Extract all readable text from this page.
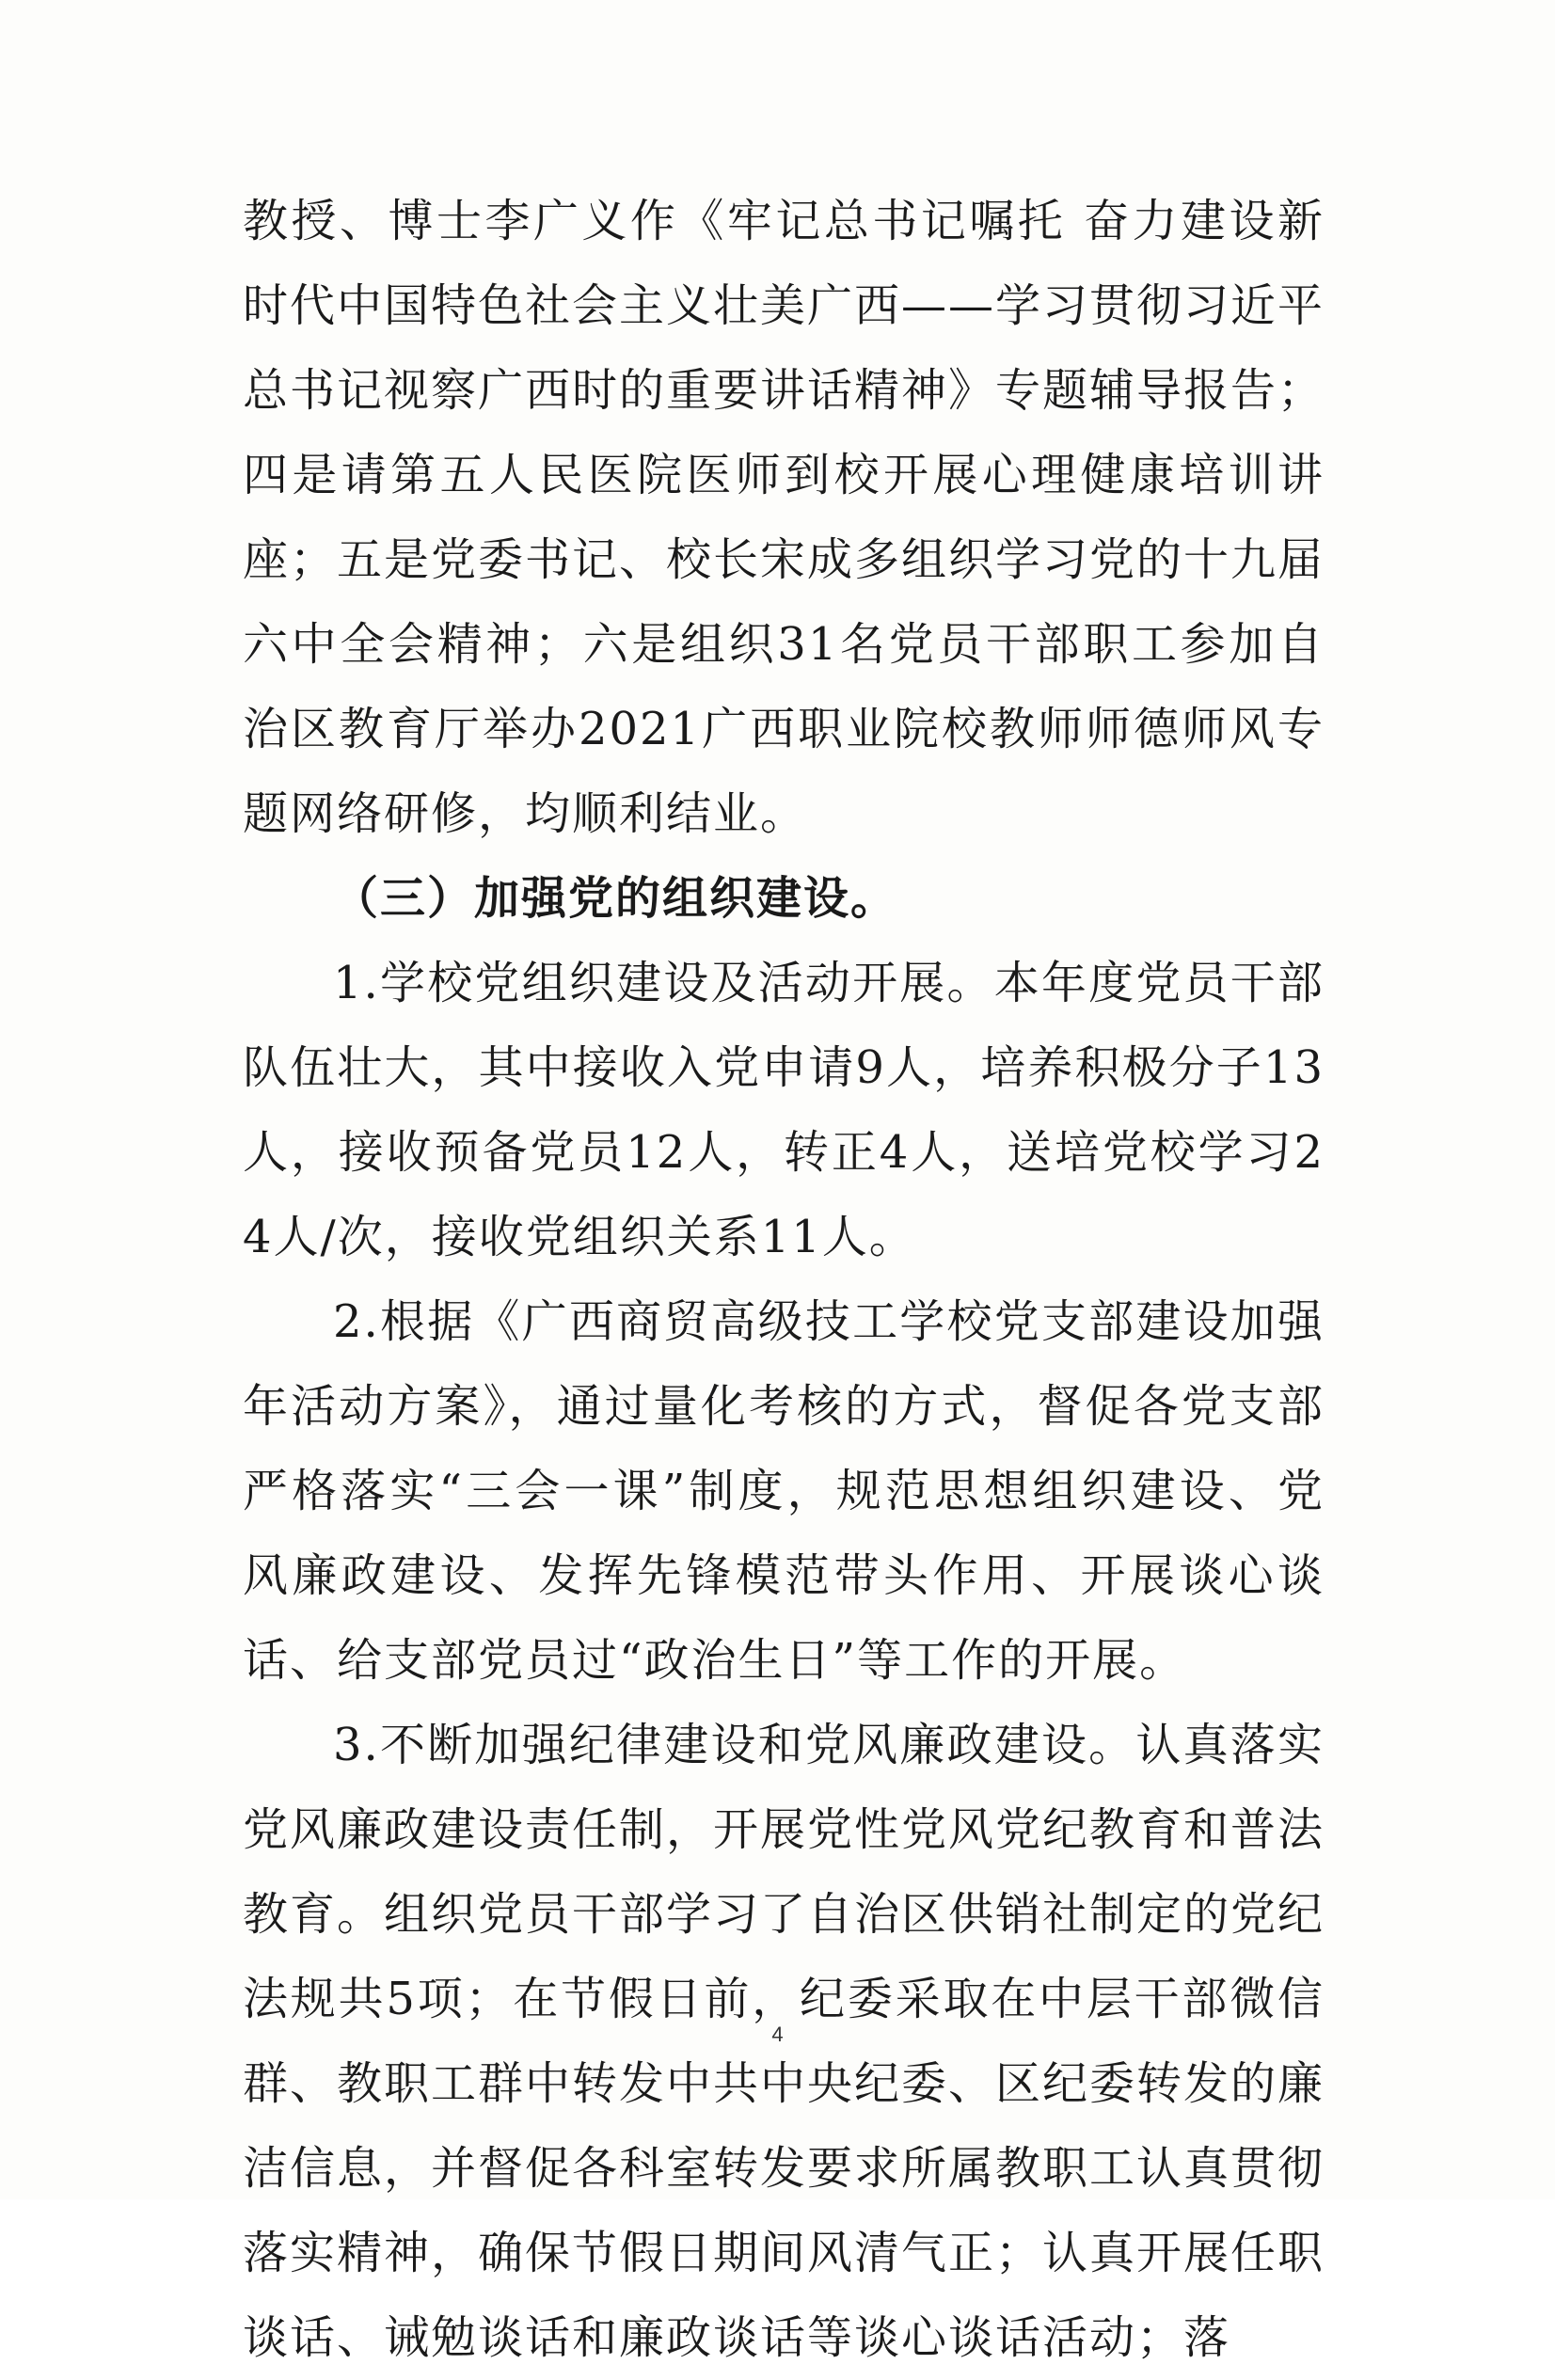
教授、博士李广义作《牢记总书记嘱托 奋力建设新时代中国特色社会主义壮美广西——学习贯彻习近平总书记视察广西时的重要讲话精神》专题辅导报告；四是请第五人民医院医师到校开展心理健康培训讲座；五是党委书记、校长宋成多组织学习党的十九届六中全会精神；六是组织31名党员干部职工参加自治区教育厅举办2021广西职业院校教师师德师风专题网络研修，均顺利结业。

（三）加强党的组织建设。

1.学校党组织建设及活动开展。本年度党员干部队伍壮大，其中接收入党申请9人，培养积极分子13人，接收预备党员12人，转正4人，送培党校学习24人/次，接收党组织关系11人。

2.根据《广西商贸高级技工学校党支部建设加强年活动方案》，通过量化考核的方式，督促各党支部严格落实“三会一课”制度，规范思想组织建设、党风廉政建设、发挥先锋模范带头作用、开展谈心谈话、给支部党员过“政治生日”等工作的开展。

3.不断加强纪律建设和党风廉政建设。认真落实党风廉政建设责任制，开展党性党风党纪教育和普法教育。组织党员干部学习了自治区供销社制定的党纪法规共5项；在节假日前，纪委采取在中层干部微信群、教职工群中转发中共中央纪委、区纪委转发的廉洁信息，并督促各科室转发要求所属教职工认真贯彻落实精神，确保节假日期间风清气正；认真开展任职谈话、诫勉谈话和廉政谈话等谈心谈话活动；落

4
